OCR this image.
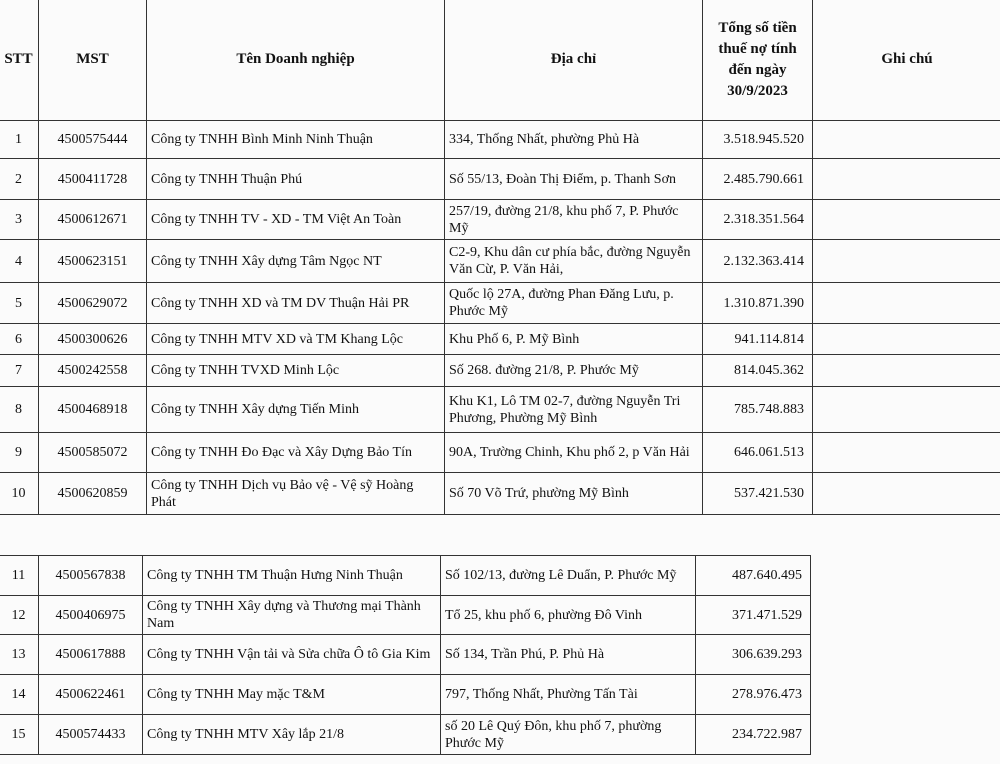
STT	MST	Tên Doanh nghiệp	Địa chỉ	Tổng số tiền thuế nợ tính đến ngày 30/9/2023	Ghi chú
1	4500575444	Công ty TNHH Bình Minh Ninh Thuận	334, Thống Nhất, phường Phủ Hà	3.518.945.520	
2	4500411728	Công ty TNHH Thuận Phú	Số 55/13, Đoàn Thị Điểm, p. Thanh Sơn	2.485.790.661	
3	4500612671	Công ty TNHH TV - XD - TM Việt An Toàn	257/19, đường 21/8, khu phố 7, P. Phước Mỹ	2.318.351.564	
4	4500623151	Công ty TNHH Xây dựng Tâm Ngọc NT	C2-9, Khu dân cư phía bắc, đường Nguyễn Văn Cừ, P. Văn Hải,	2.132.363.414	
5	4500629072	Công ty TNHH XD và TM DV Thuận Hải PR	Quốc lộ 27A, đường Phan Đăng Lưu, p. Phước Mỹ	1.310.871.390	
6	4500300626	Công ty TNHH MTV XD và TM Khang Lộc	Khu Phố 6, P. Mỹ Bình	941.114.814	
7	4500242558	Công ty TNHH TVXD Minh Lộc	Số 268. đường 21/8, P. Phước Mỹ	814.045.362	
8	4500468918	Công ty TNHH Xây dựng Tiến Minh	Khu K1, Lô TM 02-7, đường Nguyễn Tri Phương, Phường Mỹ Bình	785.748.883	
9	4500585072	Công ty TNHH Đo Đạc và Xây Dựng Bảo Tín	90A, Trường Chinh, Khu phố 2, p Văn Hải	646.061.513	
10	4500620859	Công ty TNHH Dịch vụ Bảo vệ - Vệ sỹ Hoàng Phát	Số 70 Võ Trứ, phường Mỹ Bình	537.421.530	
11	4500567838	Công ty TNHH TM Thuận Hưng Ninh Thuận	Số 102/13, đường Lê Duẩn, P. Phước Mỹ	487.640.495
12	4500406975	Công ty TNHH Xây dựng và Thương mại Thành Nam	Tổ 25, khu phố 6, phường Đô Vinh	371.471.529
13	4500617888	Công ty TNHH Vận tải và Sửa chữa Ô tô Gia Kim	Số 134, Trần Phú, P. Phủ Hà	306.639.293
14	4500622461	Công ty TNHH May mặc T&M	797, Thống Nhất, Phường Tấn Tài	278.976.473
15	4500574433	Công ty TNHH MTV Xây lắp 21/8	số 20 Lê Quý Đôn, khu phố 7, phường Phước Mỹ	234.722.987
